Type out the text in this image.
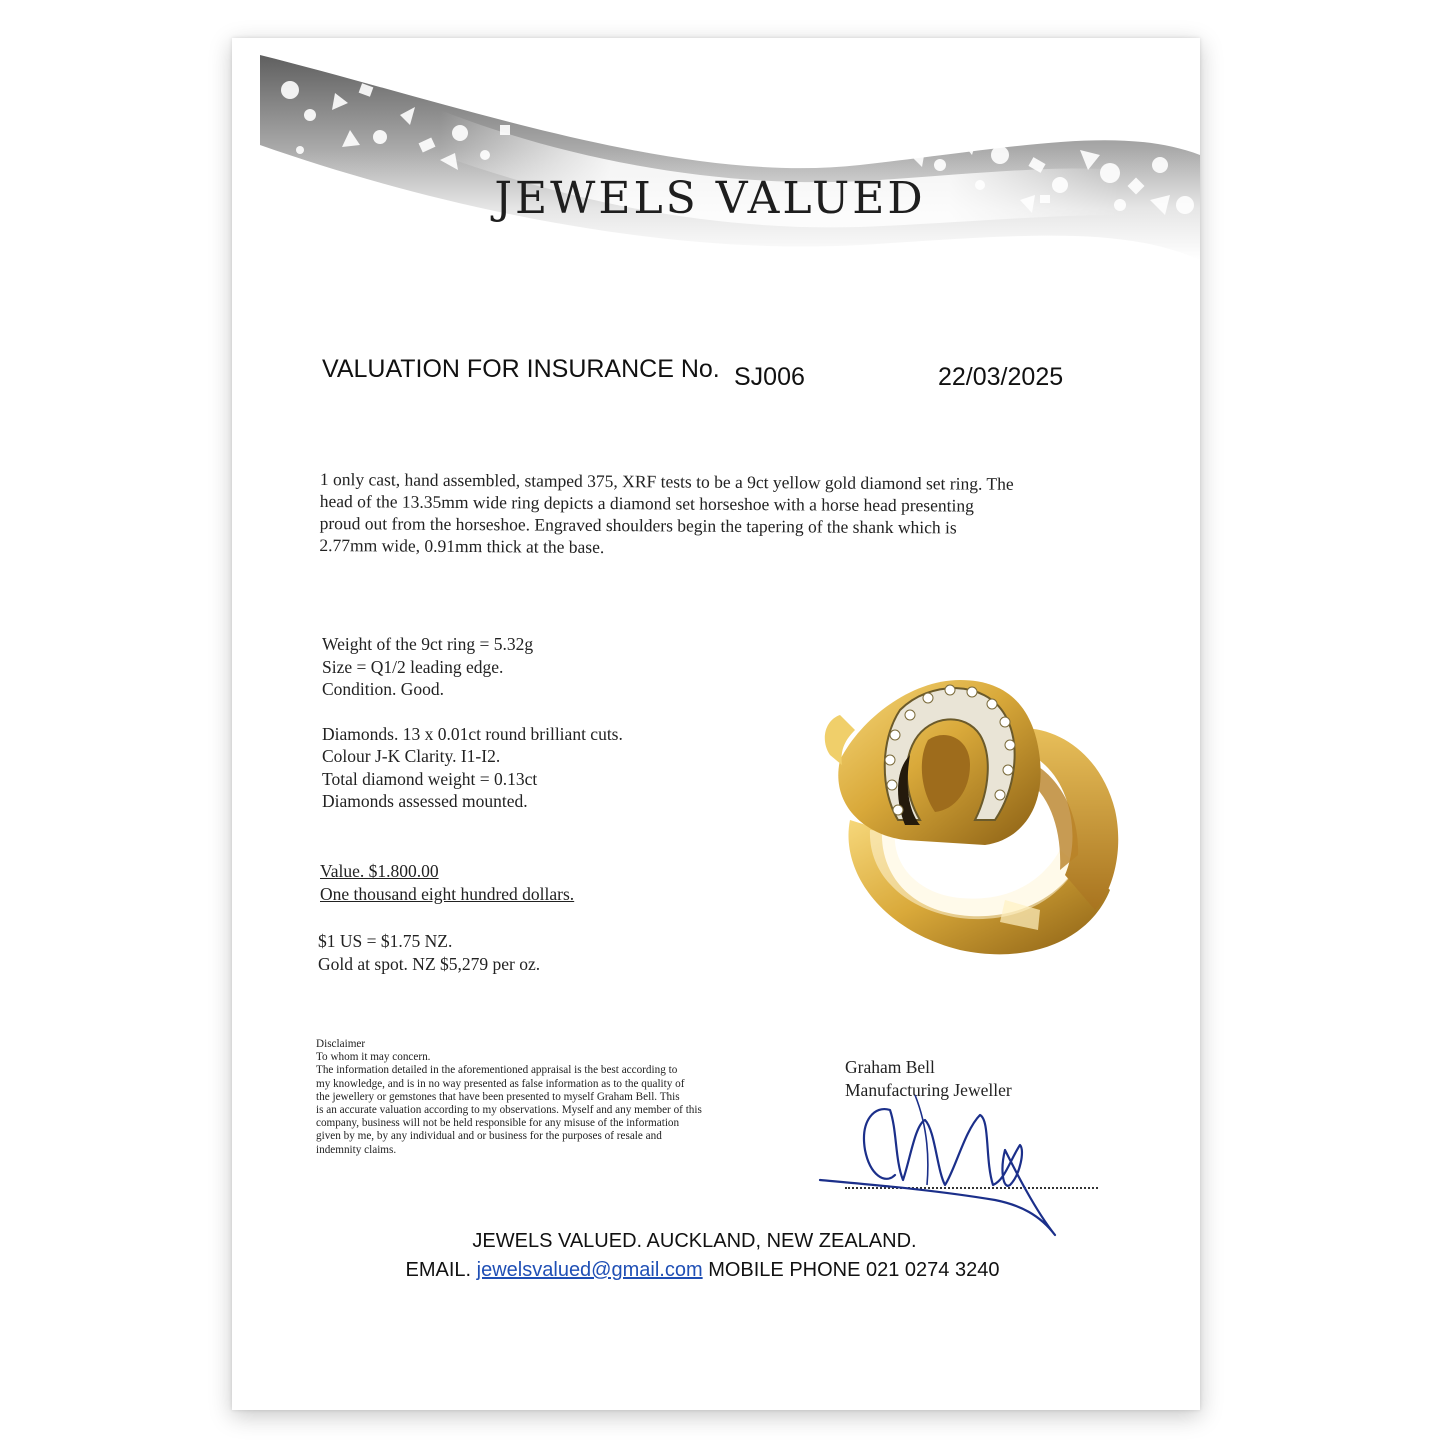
JEWELS VALUED
VALUATION FOR INSURANCE No. SJ006	22/03/2025

1 only cast, hand assembled, stamped 375, XRF tests to be a 9ct yellow gold diamond set ring. The

head of the 13.35mm wide ring depicts a diamond set horseshoe with a horse head presenting

proud out from the horseshoe. Engraved shoulders begin the tapering of the shank which is

2.77mm wide, 0.91mm thick at the base.

Weight of the 9ct ring = 5.32g
Size = Q1/2 leading edge.
Condition. Good.
Diamonds. 13 x 0.01ct round brilliant cuts.
Colour J-K Clarity. I1-I2.
Total diamond weight = 0.13ct
Diamonds assessed mounted.
Value. $1.800.00
One thousand eight hundred dollars.
$1 US = $1.75 NZ.
Gold at spot. NZ $5,279 per oz.
Disclaimer
To whom it may concern.
The information detailed in the aforementioned appraisal is the best according to
my knowledge, and is in no way presented as false information as to the quality of
the jewellery or gemstones that have been presented to myself Graham Bell. This
is an accurate valuation according to my observations. Myself and any member of this
company, business will not be held responsible for any misuse of the information
given by me, by any individual and or business for the purposes of resale and
indemnity claims.
Graham Bell
Manufacturing Jeweller
JEWELS VALUED. AUCKLAND, NEW ZEALAND.
EMAIL. jewelsvalued@gmail.com MOBILE PHONE 021 0274 3240
